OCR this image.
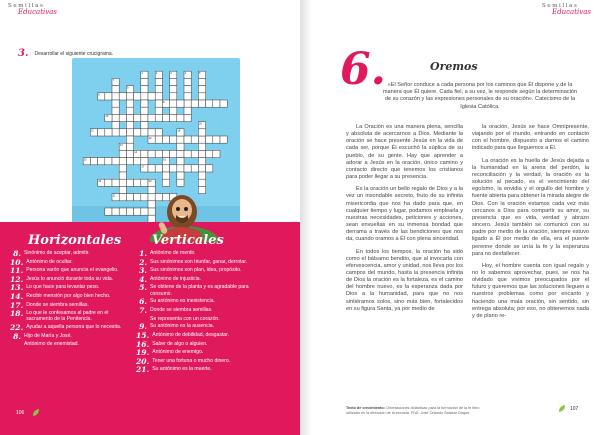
Semillas
Educativas
3. Desarrollar el siguiente crucigrama.
1	2	3	4	5
6
7
8
9
10
11
12
13
14
15	16
17
18
19
20
21
22
Horizontales Verticales
8. Sinónimo de aceptar, admitir.
10. Antónimo de ocultar.
11. Persona varón que anuncia el evangelio.
12. Jesús lo anunció durante toda su vida.
13. Lo que hace para levantar peso.
14. Recibir mensión por algo bien hecho.
17. Donde se siembra semillas.
18. Lo que le confesamos al padre en el sacramento de la Penitencia.
22. Ayudar a aquella persona que lo necesita.
8. Hijo de María y José.
Antónimo de enemistad.
1. Antónimo de mentir.
2. Sus sinónimos son triunfar, ganar, derrotar.
3. Sus sinónimos son plan, idea, propósito.
4. Antónimo de injusticia.
5. Se obtiene de la planta y es agradable para consumir.
6. Su antónimo es inexistencia.
7. Donde se siembra semillas.
Se representa con un corazón.
9. Su antónimo es la ausencia.
15. Antónimo de debilidad, desgastar.
16. Saber de algo o alguien.
19. Antónimo de enemigo.
20. Tener una fortuna o mucho dinero.
21. Su antónimo es la muerte.
106
Semillas
Educativas
6.	Oremos
«El Señor conduce a cada persona por los caminos que Él dispone y de la manera que Él quiere. Cada fiel, a su vez, le responde según la determinación de su corazón y las expresiones personales de su oración». Catecismo de la Iglesia Católica.

La Oración es una manera plena, sencilla y absoluta de acercarnos a Dios. Mediante la oración se hace presente Jesús en la vida de cada ser, porque Él escuchó la súplica de su pueblo, de su gente. Hay que aprender a adorar a Jesús en la oración, único camino y contacto directo que tenemos los cristianos para poder llegar a su presencia.

Es la oración un bello regalo de Dios y a la vez un insondable secreto, fruto de su infinita misericordia que nos ha dado para que, en cualquier tiempo y lugar, podamos emplearla y nuestras necesidades, peticiones y acciones, sean envueltas en su inmensa bondad que derrama a través de las bendiciones que nos da, cuando oramos a Él con plena sinceridad.

En todos los tiempos, la oración ha sido como el bálsamo bendito, que al invocarla con efervescencia, amor y unidad, nos lleva por los campos del mundo, hasta la presencia infinita de Dios la oración es la fortaleza, es el camino del hombre nuevo, es la esperanza dada por Dios a la humanidad, para que no nos sintiéramos solos, sino más bien, fortalecidos en su figura Santa, ya por medio de

la oración, Jesús se hace Omnipresente, viajando por el mundo, entrando en contacto con el hombre, dispuesto a darnos el camino indicado para que lleguemos a Él.

La oración es la huella de Jesús dejada a la humanidad en la arena del perdón, la reconciliación y la verdad, la oración es la solución al pecado, es el vencimiento del egoísmo, la envidia y el orgullo del hombre y fuente abierta para obtener la mirada alegre de Dios. Con la oración estamos cada vez más cercanos a Dios para compartir su amor, su presencia que es vida, verdad y abrazo sincero. Jesús también se comunicó con su padre por medio de la oración, siempre estuvo ligado a Él por medio de ella, era el puente perenne donde se unía la fe y la esperanza para no desfallecer.

Hoy, el hombre cuenta con igual regalo y no lo sabemos aprovechar, pues, se nos ha olvidado que vivimos preocupados por el futuro y queremos que las soluciones lleguen a nuestros problemas como por encanto y haciendo una mala oración, sin sentido, sin entrega absoluta; por eso, no obtenemos nada y de plano re-

Texto de crecimiento: Orientaciones didácticas para la formación de la fe libro utilizado en la dirección de la escuela. PhD. José Orlando Salazar Duque.
107
